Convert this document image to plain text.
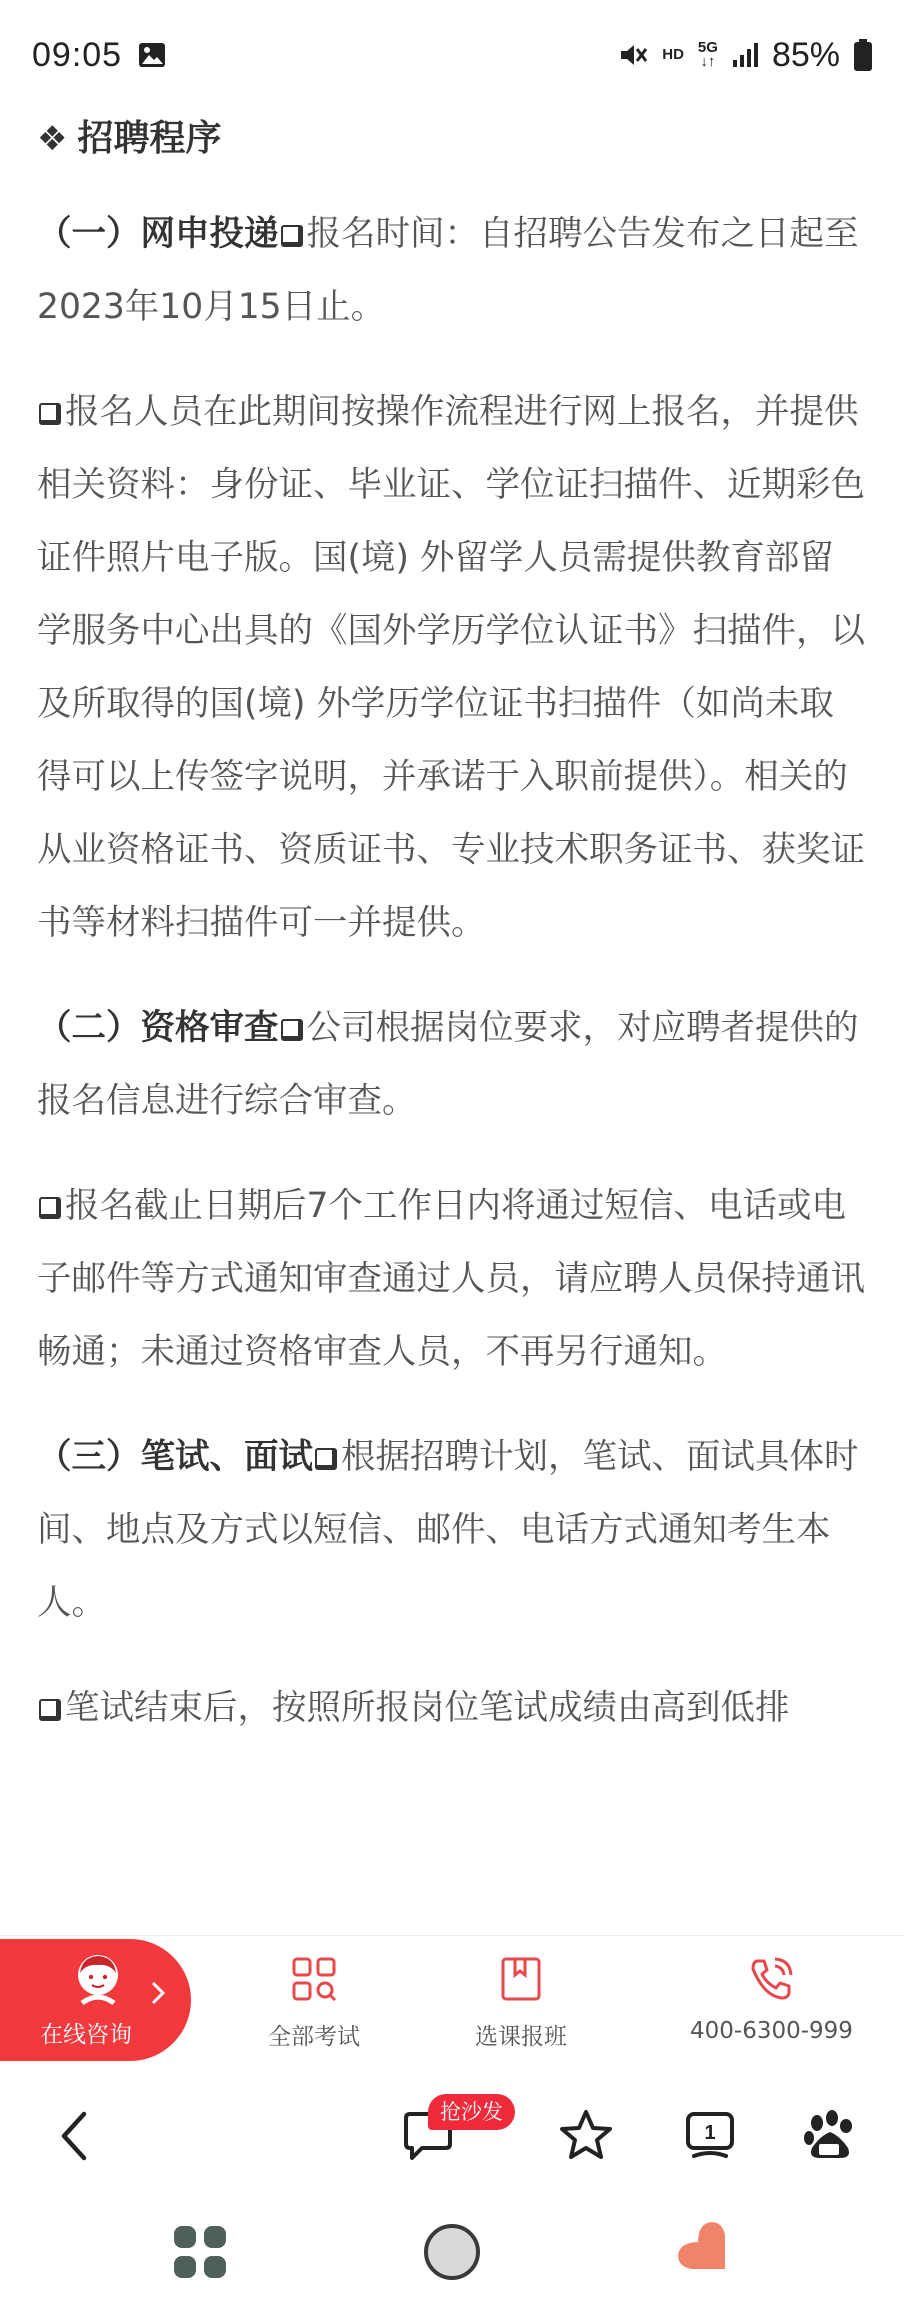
09:05	HD 5G
↓↑ 85%
❖ 招聘程序

（一）网申投递 报名时间：自招聘公告发布之日起至2023年10月15日止。

报名人员在此期间按操作流程进行网上报名，并提供相关资料：身份证、毕业证、学位证扫描件、近期彩色证件照片电子版。国(境) 外留学人员需提供教育部留学服务中心出具的《国外学历学位认证书》扫描件，以及所取得的国(境) 外学历学位证书扫描件（如尚未取得可以上传签字说明，并承诺于入职前提供）。相关的从业资格证书、资质证书、专业技术职务证书、获奖证书等材料扫描件可一并提供。

（二）资格审查 公司根据岗位要求，对应聘者提供的报名信息进行综合审查。

报名截止日期后7个工作日内将通过短信、电话或电子邮件等方式通知审查通过人员，请应聘人员保持通讯畅通；未通过资格审查人员，不再另行通知。

（三）笔试、面试 根据招聘计划，笔试、面试具体时间、地点及方式以短信、邮件、电话方式通知考生本人。

笔试结束后，按照所报岗位笔试成绩由高到低排

在线咨询	全部考试	选课报班	400-6300-999
抢沙发
1
